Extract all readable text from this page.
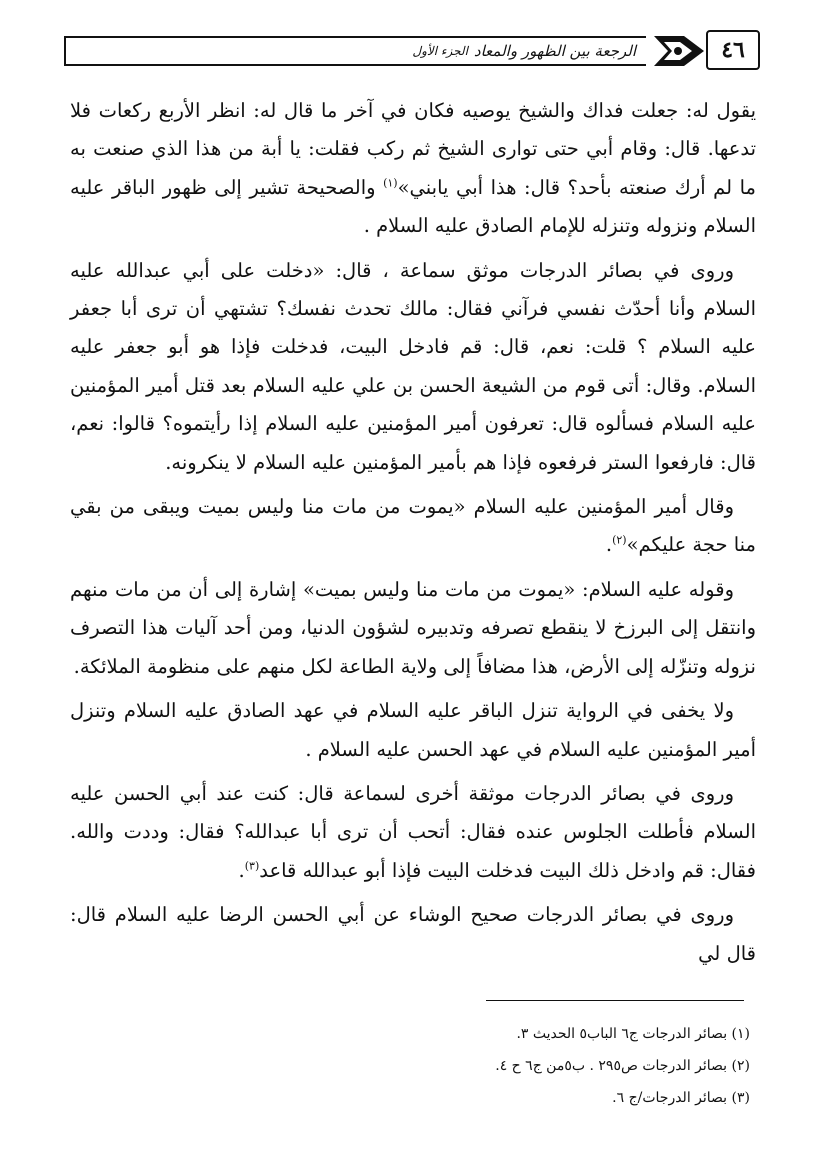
٤٦
الرجعة بين الظهور والمعاد
الجزء الأول

يقول له: جعلت فداك والشيخ يوصيه فكان في آخر ما قال له: انظر الأربع ركعات فلا تدعها. قال: وقام أبي حتى توارى الشيخ ثم ركب فقلت: يا أبة من هذا الذي صنعت به ما لم أرك صنعته بأحد؟ قال: هذا أبي يابني»$^{(١)}$ والصحيحة تشير إلى ظهور الباقر عليه السلام ونزوله وتنزله للإمام الصادق عليه السلام .

وروى في بصائر الدرجات موثق سماعة ، قال: «دخلت على أبي عبدالله عليه السلام وأنا أحدّث نفسي فرآني فقال: مالك تحدث نفسك؟ تشتهي أن ترى أبا جعفر عليه السلام ؟ قلت: نعم، قال: قم فادخل البيت، فدخلت فإذا هو أبو جعفر عليه السلام. وقال: أتى قوم من الشيعة الحسن بن علي عليه السلام بعد قتل أمير المؤمنين عليه السلام فسألوه قال: تعرفون أمير المؤمنين عليه السلام إذا رأيتموه؟ قالوا: نعم، قال: فارفعوا الستر فرفعوه فإذا هم بأمير المؤمنين عليه السلام لا ينكرونه.

وقال أمير المؤمنين عليه السلام «يموت من مات منا وليس بميت ويبقى من بقي منا حجة عليكم»$^{(٢)}$.

وقوله عليه السلام: «يموت من مات منا وليس بميت» إشارة إلى أن من مات منهم وانتقل إلى البرزخ لا ينقطع تصرفه وتدبيره لشؤون الدنيا، ومن أحد آليات هذا التصرف نزوله وتنزّله إلى الأرض، هذا مضافاً إلى ولاية الطاعة لكل منهم على منظومة الملائكة.

ولا يخفى في الرواية تنزل الباقر عليه السلام في عهد الصادق عليه السلام وتنزل أمير المؤمنين عليه السلام في عهد الحسن عليه السلام .

وروى في بصائر الدرجات موثقة أخرى لسماعة قال: كنت عند أبي الحسن عليه السلام فأطلت الجلوس عنده فقال: أتحب أن ترى أبا عبدالله؟ فقال: وددت والله. فقال: قم وادخل ذلك البيت فدخلت البيت فإذا أبو عبدالله قاعد$^{(٣)}$.

وروى في بصائر الدرجات صحيح الوشاء عن أبي الحسن الرضا عليه السلام قال: قال لي

(١) بصائر الدرجات ج٦ الباب٥ الحديث ٣.
(٢) بصائر الدرجات ص٢٩٥ . ب٥من ج٦ ح ٤.
(٣) بصائر الدرجات/ج ٦.
